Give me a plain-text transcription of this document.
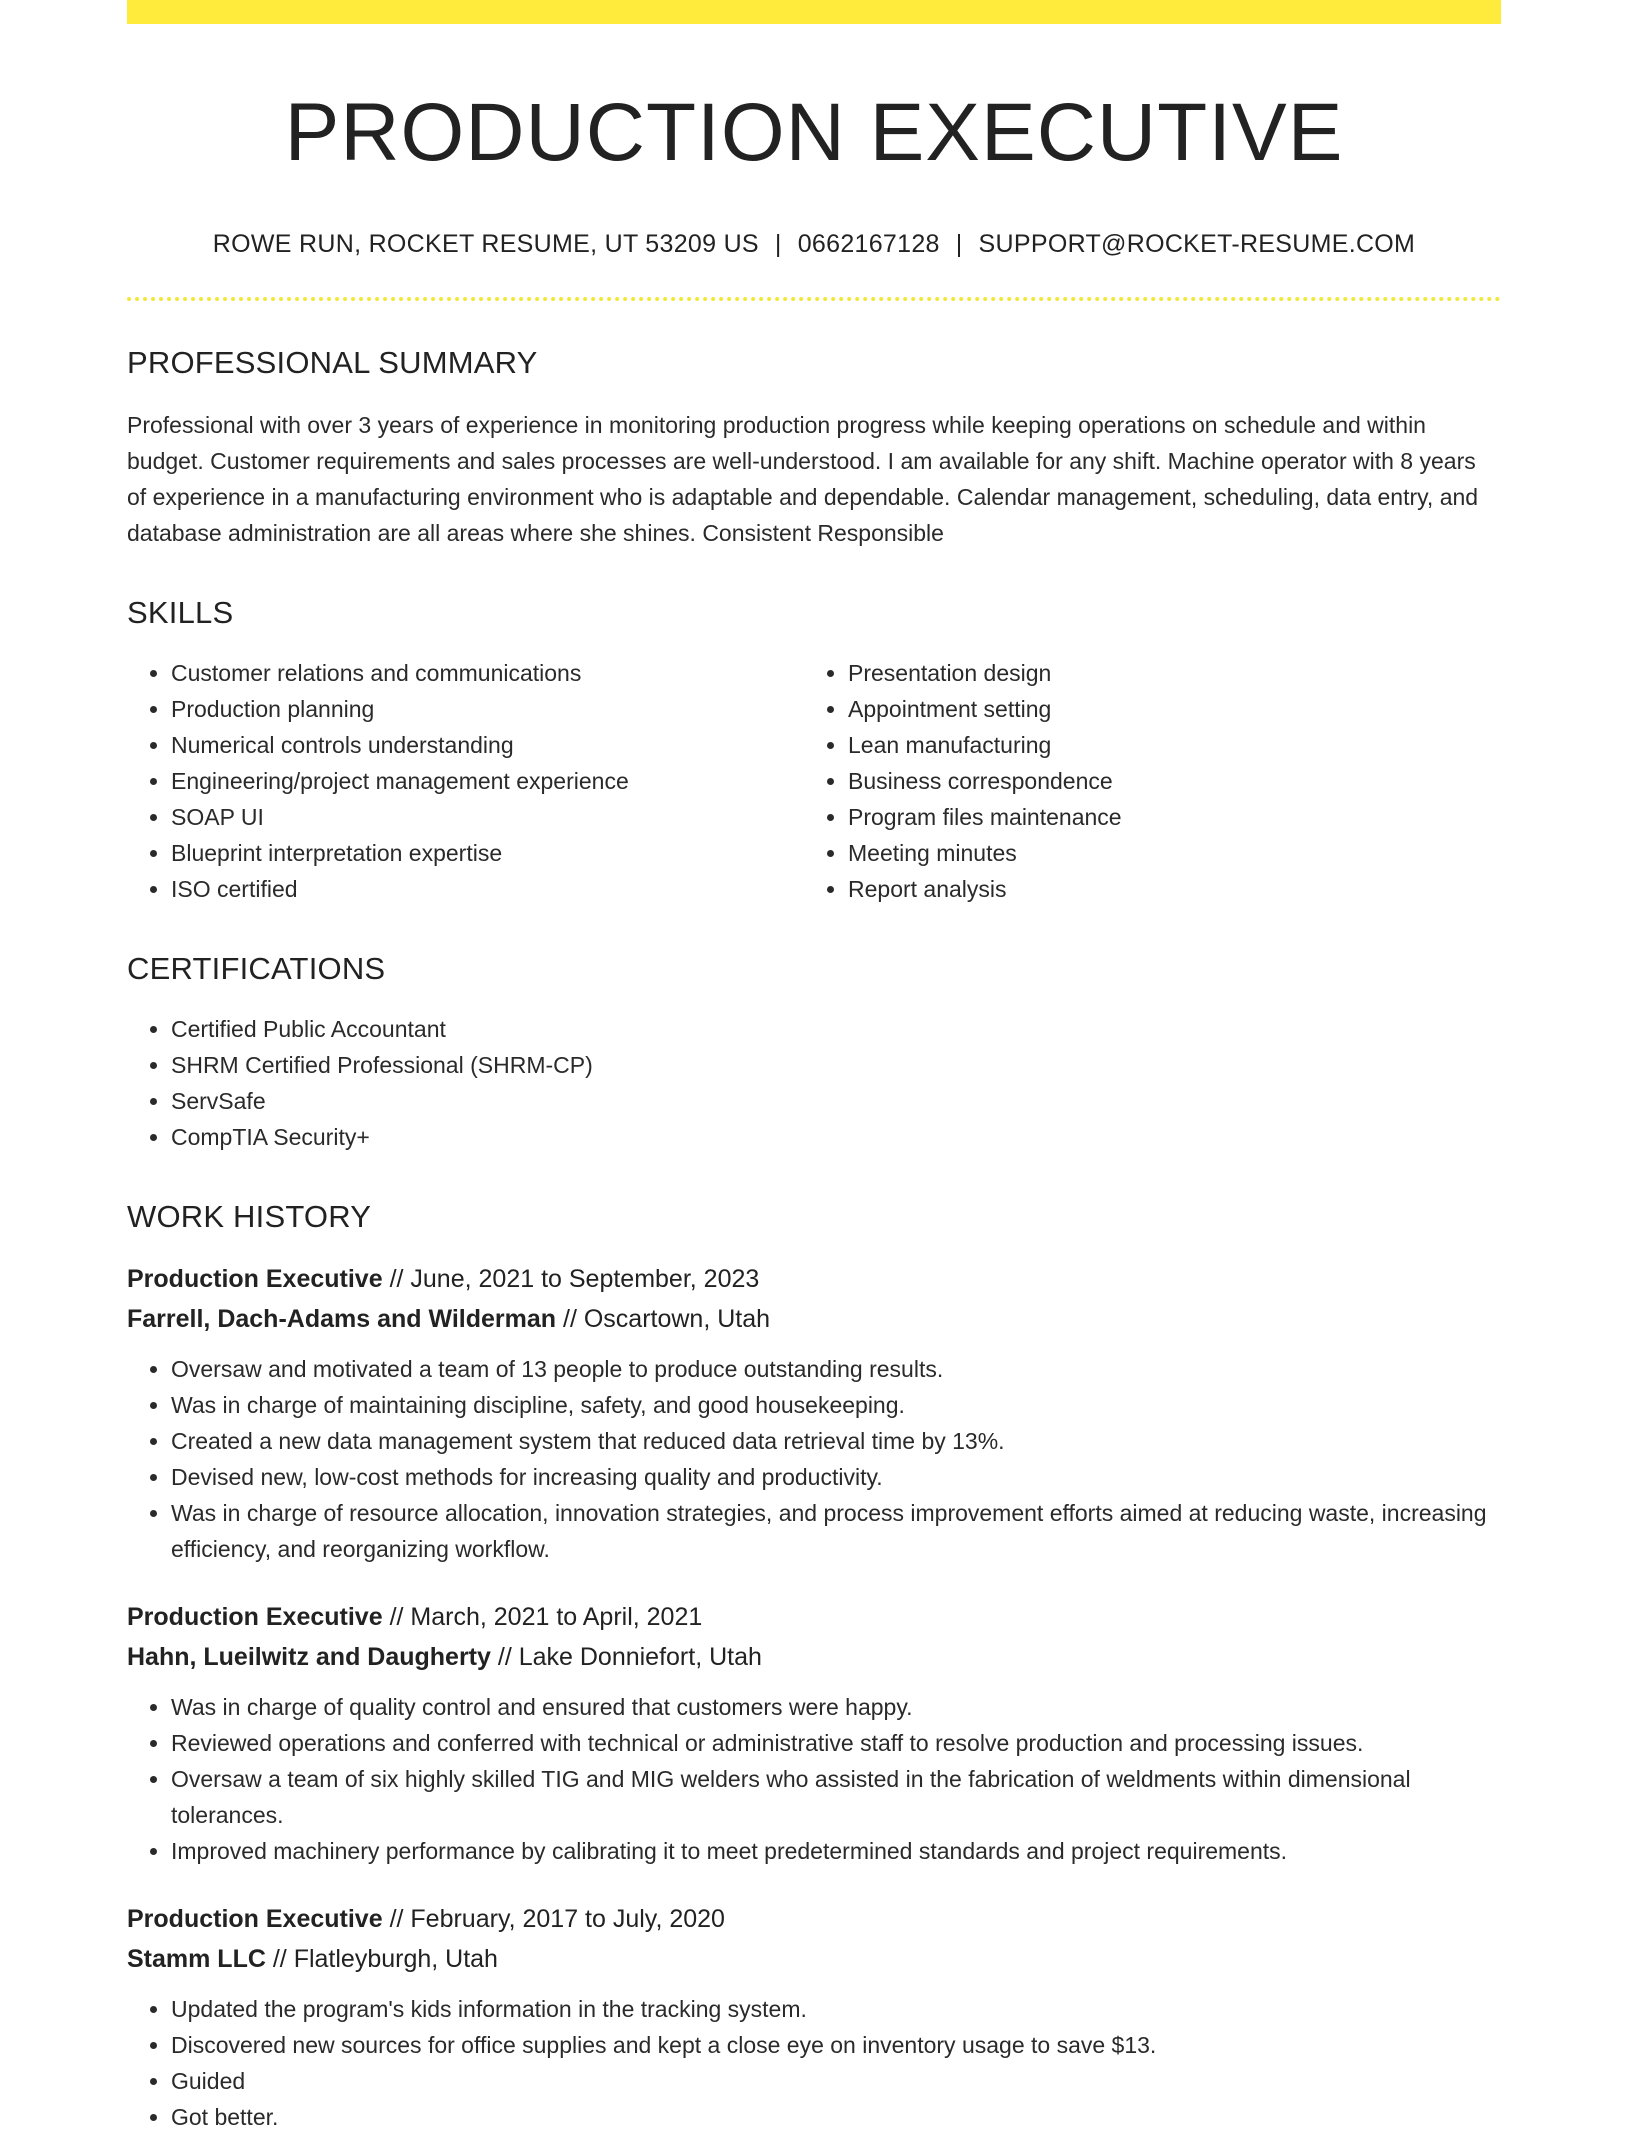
PRODUCTION EXECUTIVE
ROWE RUN, ROCKET RESUME, UT 53209 US | 0662167128 | SUPPORT@ROCKET-RESUME.COM
PROFESSIONAL SUMMARY

Professional with over 3 years of experience in monitoring production progress while keeping operations on schedule and within budget. Customer requirements and sales processes are well-understood. I am available for any shift. Machine operator with 8 years of experience in a manufacturing environment who is adaptable and dependable. Calendar management, scheduling, data entry, and database administration are all areas where she shines. Consistent Responsible

SKILLS
• Customer relations and communications
• Production planning
• Numerical controls understanding
• Engineering/project management experience
• SOAP UI
• Blueprint interpretation expertise
• ISO certified
• Presentation design
• Appointment setting
• Lean manufacturing
• Business correspondence
• Program files maintenance
• Meeting minutes
• Report analysis
CERTIFICATIONS
• Certified Public Accountant
• SHRM Certified Professional (SHRM-CP)
• ServSafe
• CompTIA Security+
WORK HISTORY
Production Executive // June, 2021 to September, 2023
Farrell, Dach-Adams and Wilderman // Oscartown, Utah
• Oversaw and motivated a team of 13 people to produce outstanding results.
• Was in charge of maintaining discipline, safety, and good housekeeping.
• Created a new data management system that reduced data retrieval time by 13%.
• Devised new, low-cost methods for increasing quality and productivity.
• Was in charge of resource allocation, innovation strategies, and process improvement efforts aimed at reducing waste, increasing efficiency, and reorganizing workflow.
Production Executive // March, 2021 to April, 2021
Hahn, Lueilwitz and Daugherty // Lake Donniefort, Utah
• Was in charge of quality control and ensured that customers were happy.
• Reviewed operations and conferred with technical or administrative staff to resolve production and processing issues.
• Oversaw a team of six highly skilled TIG and MIG welders who assisted in the fabrication of weldments within dimensional tolerances.
• Improved machinery performance by calibrating it to meet predetermined standards and project requirements.
Production Executive // February, 2017 to July, 2020
Stamm LLC // Flatleyburgh, Utah
• Updated the program's kids information in the tracking system.
• Discovered new sources for office supplies and kept a close eye on inventory usage to save $13.
• Guided
• Got better.
